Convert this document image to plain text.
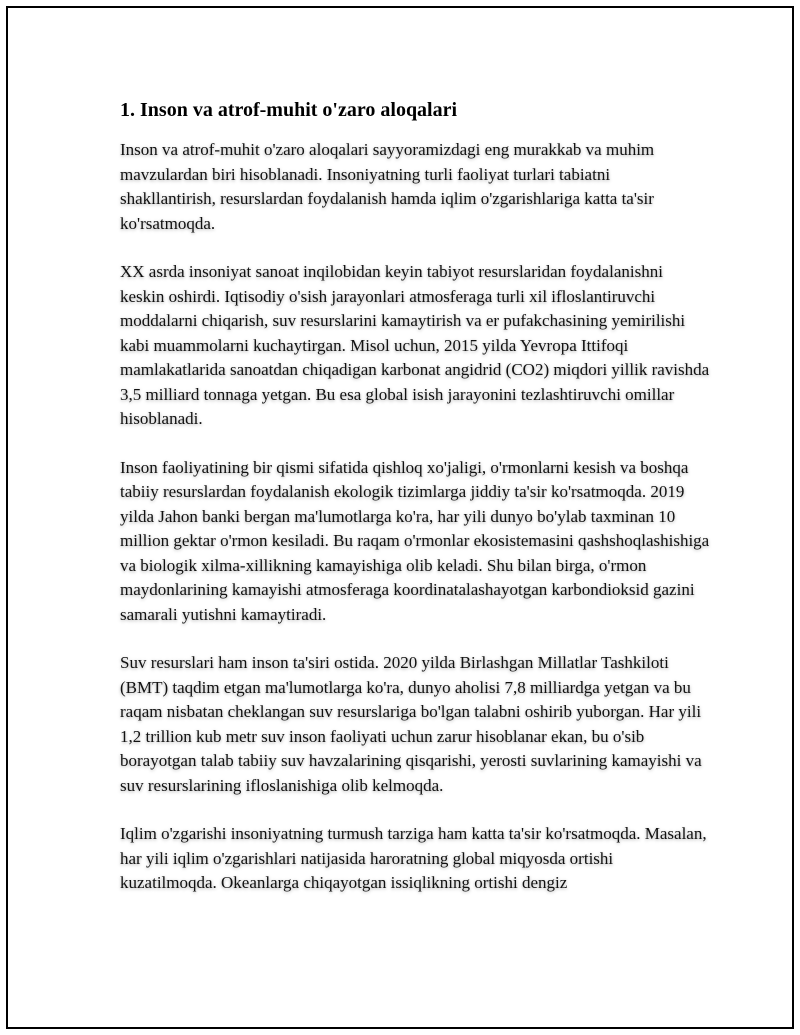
1. Inson va atrof-muhit o'zaro aloqalari

Inson va atrof-muhit o'zaro aloqalari sayyoramizdagi eng murakkab va muhim mavzulardan biri hisoblanadi. Insoniyatning turli faoliyat turlari tabiatni shakllantirish, resurslardan foydalanish hamda iqlim o'zgarishlariga katta ta'sir ko'rsatmoqda.

XX asrda insoniyat sanoat inqilobidan keyin tabiyot resurslaridan foydalanishni keskin oshirdi. Iqtisodiy o'sish jarayonlari atmosferaga turli xil ifloslantiruvchi moddalarni chiqarish, suv resurslarini kamaytirish va er pufakchasining yemirilishi kabi muammolarni kuchaytirgan. Misol uchun, 2015 yilda Yevropa Ittifoqi mamlakatlarida sanoatdan chiqadigan karbonat angidrid (CO2) miqdori yillik ravishda 3,5 milliard tonnaga yetgan. Bu esa global isish jarayonini tezlashtiruvchi omillar hisoblanadi.

Inson faoliyatining bir qismi sifatida qishloq xo'jaligi, o'rmonlarni kesish va boshqa tabiiy resurslardan foydalanish ekologik tizimlarga jiddiy ta'sir ko'rsatmoqda. 2019 yilda Jahon banki bergan ma'lumotlarga ko'ra, har yili dunyo bo'ylab taxminan 10 million gektar o'rmon kesiladi. Bu raqam o'rmonlar ekosistemasini qashshoqlashishiga va biologik xilma-xillikning kamayishiga olib keladi. Shu bilan birga, o'rmon maydonlarining kamayishi atmosferaga koordinatalashayotgan karbondioksid gazini samarali yutishni kamaytiradi.

Suv resurslari ham inson ta'siri ostida. 2020 yilda Birlashgan Millatlar Tashkiloti (BMT) taqdim etgan ma'lumotlarga ko'ra, dunyo aholisi 7,8 milliardga yetgan va bu raqam nisbatan cheklangan suv resurslariga bo'lgan talabni oshirib yuborgan. Har yili 1,2 trillion kub metr suv inson faoliyati uchun zarur hisoblanar ekan, bu o'sib borayotgan talab tabiiy suv havzalarining qisqarishi, yerosti suvlarining kamayishi va suv resurslarining ifloslanishiga olib kelmoqda.

Iqlim o'zgarishi insoniyatning turmush tarziga ham katta ta'sir ko'rsatmoqda. Masalan, har yili iqlim o'zgarishlari natijasida haroratning global miqyosda ortishi kuzatilmoqda. Okeanlarga chiqayotgan issiqlikning ortishi dengiz
